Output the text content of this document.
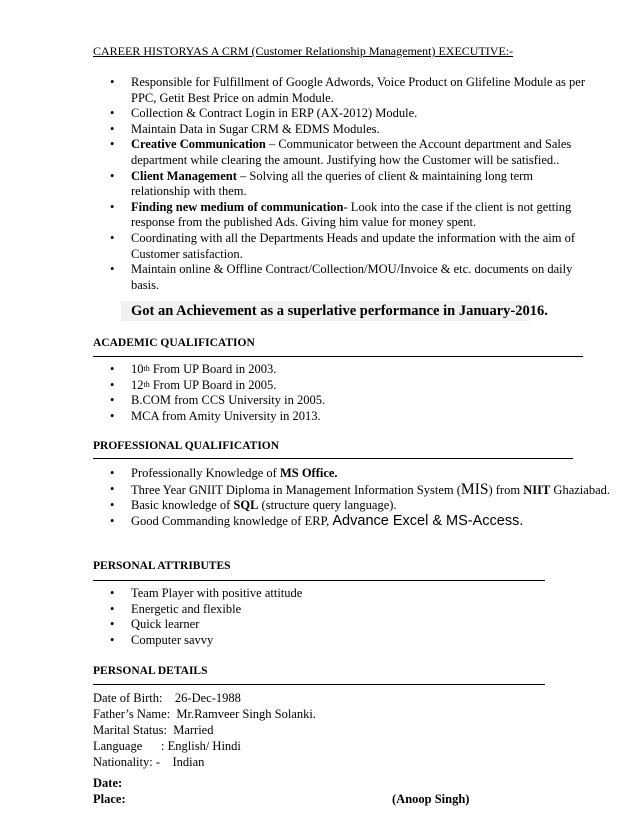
CAREER HISTORYAS A CRM (Customer Relationship Management) EXECUTIVE:-
• Responsible for Fulfillment of Google Adwords, Voice Product on Glifeline Module as per PPC, Getit Best Price on admin Module.
• Collection & Contract Login in ERP (AX-2012) Module.
• Maintain Data in Sugar CRM & EDMS Modules.
• Creative Communication – Communicator between the Account department and Sales department while clearing the amount. Justifying how the Customer will be satisfied..
• Client Management – Solving all the queries of client & maintaining long term relationship with them.
• Finding new medium of communication- Look into the case if the client is not getting response from the published Ads. Giving him value for money spent.
• Coordinating with all the Departments Heads and update the information with the aim of Customer satisfaction.
• Maintain online & Offline Contract/Collection/MOU/Invoice & etc. documents on daily basis.
Got an Achievement as a superlative performance in January-2016.
ACADEMIC QUALIFICATION
• 10th From UP Board in 2003.
• 12th From UP Board in 2005.
• B.COM from CCS University in 2005.
• MCA from Amity University in 2013.
PROFESSIONAL QUALIFICATION
• Professionally Knowledge of MS Office.
• Three Year GNIIT Diploma in Management Information System (MIS) from NIIT Ghaziabad.
• Basic knowledge of SQL (structure query language).
• Good Commanding knowledge of ERP, Advance Excel & MS-Access.
PERSONAL ATTRIBUTES
• Team Player with positive attitude
• Energetic and flexible
• Quick learner
• Computer savvy
PERSONAL DETAILS
Date of Birth:    26-Dec-1988
Father’s Name:  Mr.Ramveer Singh Solanki.
Marital Status:  Married
Language      : English/ Hindi
Nationality: -    Indian
Date:
Place:	(Anoop Singh)
